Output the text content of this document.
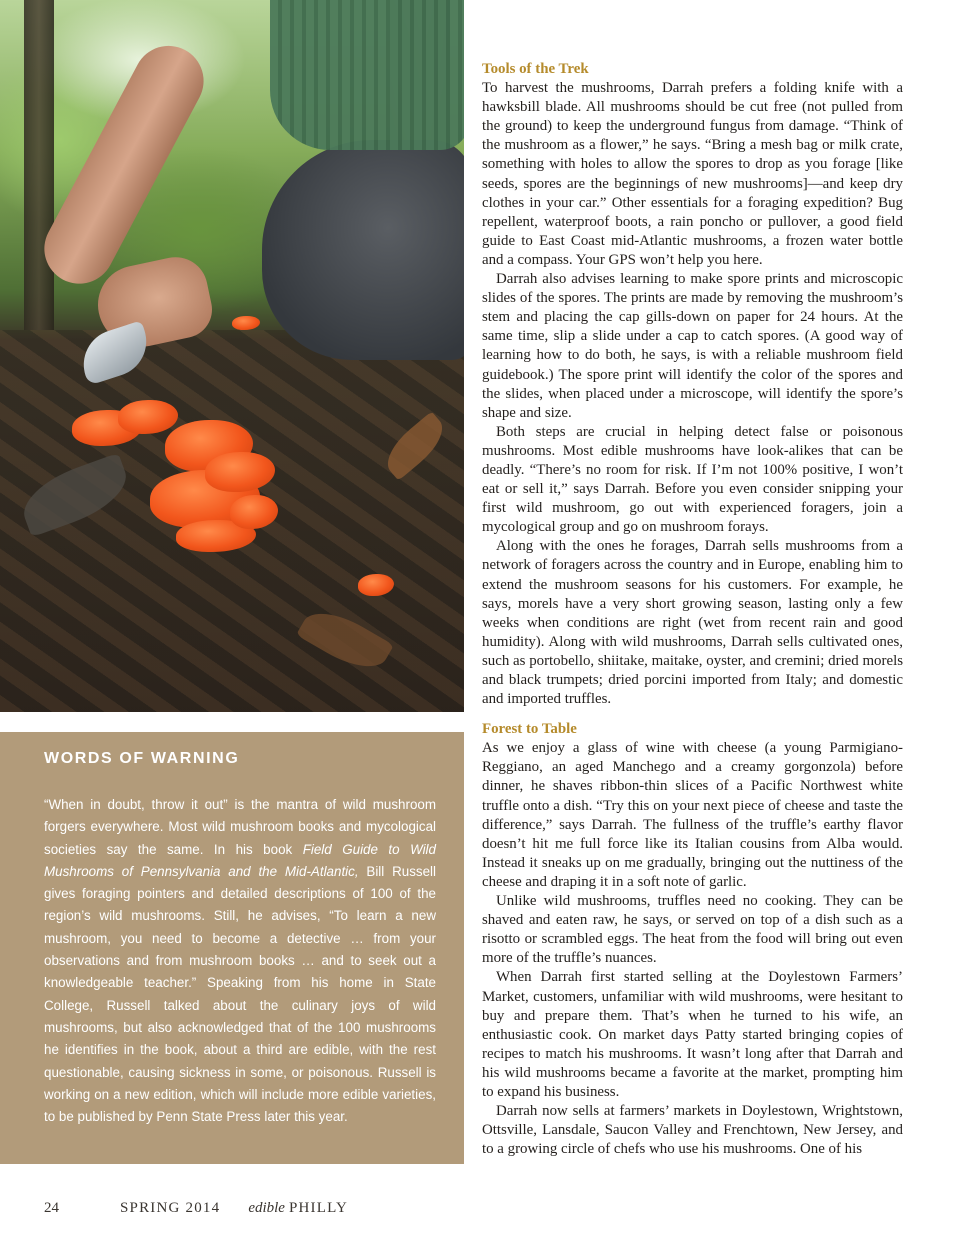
WORDS OF WARNING
“When in doubt, throw it out” is the mantra of wild mushroom forgers everywhere. Most wild mushroom books and mycological societies say the same. In his book Field Guide to Wild Mushrooms of Pennsylvania and the Mid-Atlantic, Bill Russell gives foraging pointers and detailed descriptions of 100 of the region’s wild mushrooms. Still, he advises, “To learn a new mushroom, you need to become a detective … from your observations and from mushroom books … and to seek out a knowledgeable teacher.” Speaking from his home in State College, Russell talked about the culinary joys of wild mushrooms, but also acknowledged that of the 100 mushrooms he identifies in the book, about a third are edible, with the rest questionable, causing sickness in some, or poisonous. Russell is working on a new edition, which will include more edible varieties, to be published by Penn State Press later this year.
Tools of the Trek

To harvest the mushrooms, Darrah prefers a folding knife with a hawksbill blade. All mushrooms should be cut free (not pulled from the ground) to keep the underground fungus from damage. “Think of the mushroom as a flower,” he says. “Bring a mesh bag or milk crate, something with holes to allow the spores to drop as you forage [like seeds, spores are the beginnings of new mushrooms]—and keep dry clothes in your car.” Other essentials for a foraging expedition? Bug repellent, waterproof boots, a rain poncho or pullover, a good field guide to East Coast mid-Atlantic mushrooms, a frozen water bottle and a compass. Your GPS won’t help you here.

Darrah also advises learning to make spore prints and microscopic slides of the spores. The prints are made by removing the mushroom’s stem and placing the cap gills-down on paper for 24 hours. At the same time, slip a slide under a cap to catch spores. (A good way of learning how to do both, he says, is with a reliable mushroom field guidebook.) The spore print will identify the color of the spores and the slides, when placed under a microscope, will identify the spore’s shape and size.

Both steps are crucial in helping detect false or poisonous mushrooms. Most edible mushrooms have look-alikes that can be deadly. “There’s no room for risk. If I’m not 100% positive, I won’t eat or sell it,” says Darrah. Before you even consider snipping your first wild mushroom, go out with experienced foragers, join a mycological group and go on mushroom forays.

Along with the ones he forages, Darrah sells mushrooms from a network of foragers across the country and in Europe, enabling him to extend the mushroom seasons for his customers. For example, he says, morels have a very short growing season, lasting only a few weeks when conditions are right (wet from recent rain and good humidity). Along with wild mushrooms, Darrah sells cultivated ones, such as portobello, shiitake, maitake, oyster, and cremini; dried morels and black trumpets; dried porcini imported from Italy; and domestic and imported truffles.

Forest to Table

As we enjoy a glass of wine with cheese (a young Parmigiano-Reggiano, an aged Manchego and a creamy gorgonzola) before dinner, he shaves ribbon-thin slices of a Pacific Northwest white truffle onto a dish. “Try this on your next piece of cheese and taste the difference,” says Darrah. The fullness of the truffle’s earthy flavor doesn’t hit me full force like its Italian cousins from Alba would. Instead it sneaks up on me gradually, bringing out the nuttiness of the cheese and draping it in a soft note of garlic.

Unlike wild mushrooms, truffles need no cooking. They can be shaved and eaten raw, he says, or served on top of a dish such as a risotto or scrambled eggs. The heat from the food will bring out even more of the truffle’s nuances.

When Darrah first started selling at the Doylestown Farmers’ Market, customers, unfamiliar with wild mushrooms, were hesitant to buy and prepare them. That’s when he turned to his wife, an enthusiastic cook. On market days Patty started bringing copies of recipes to match his mushrooms. It wasn’t long after that Darrah and his wild mushrooms became a favorite at the market, prompting him to expand his business.

Darrah now sells at farmers’ markets in Doylestown, Wrightstown, Ottsville, Lansdale, Saucon Valley and Frenchtown, New Jersey, and to a growing circle of chefs who use his mushrooms. One of his

24	SPRING 2014 edible PHILLY
